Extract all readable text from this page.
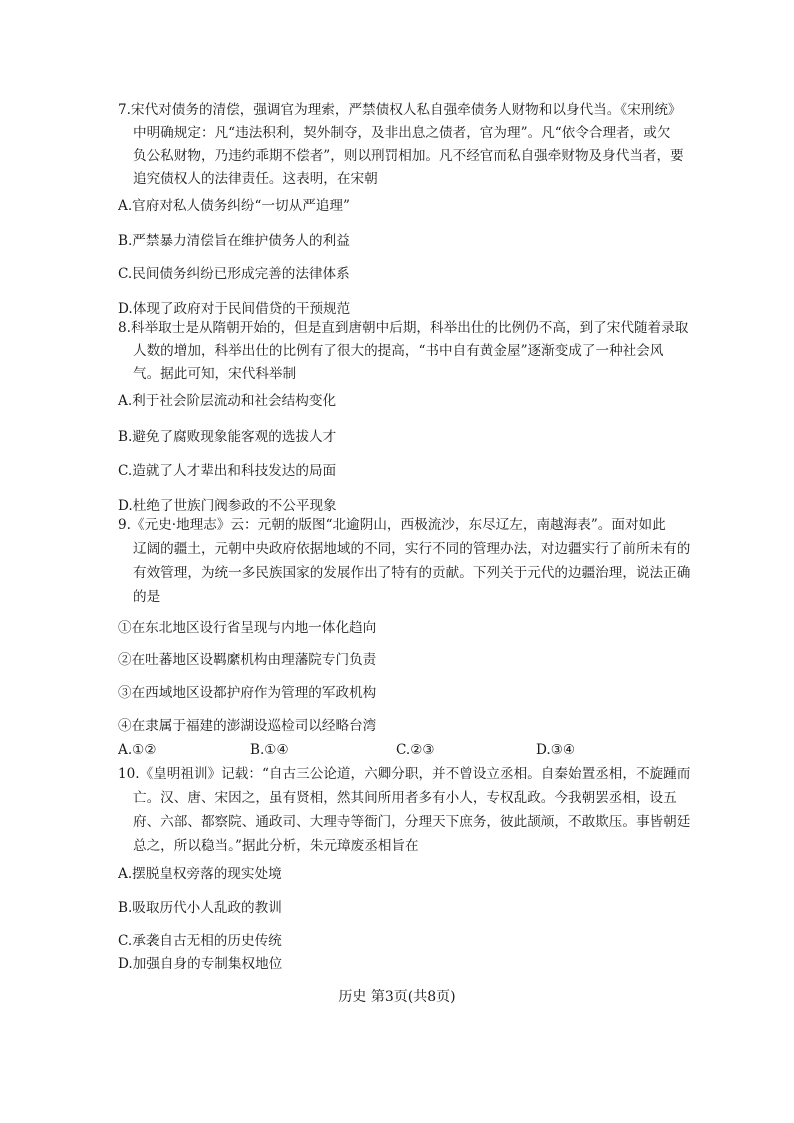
7.宋代对债务的清偿，强调官为理索，严禁债权人私自强牵债务人财物和以身代当。《宋刑统》
中明确规定：凡“违法积利，契外制夺，及非出息之债者，官为理”。凡“依令合理者，或欠
负公私财物，乃违约乖期不偿者”，则以刑罚相加。凡不经官而私自强牵财物及身代当者，要
追究债权人的法律责任。这表明，在宋朝
A.官府对私人债务纠纷“一切从严追理”
B.严禁暴力清偿旨在维护债务人的利益
C.民间债务纠纷已形成完善的法律体系
D.体现了政府对于民间借贷的干预规范
8.科举取士是从隋朝开始的，但是直到唐朝中后期，科举出仕的比例仍不高，到了宋代随着录取
人数的增加，科举出仕的比例有了很大的提高，“书中自有黄金屋”逐渐变成了一种社会风
气。据此可知，宋代科举制
A.利于社会阶层流动和社会结构变化
B.避免了腐败现象能客观的选拔人才
C.造就了人才辈出和科技发达的局面
D.杜绝了世族门阀参政的不公平现象
9.《元史·地理志》云：元朝的版图“北逾阴山，西极流沙，东尽辽左，南越海表”。面对如此
辽阔的疆土，元朝中央政府依据地域的不同，实行不同的管理办法，对边疆实行了前所未有的
有效管理，为统一多民族国家的发展作出了特有的贡献。下列关于元代的边疆治理，说法正确
的是
①在东北地区设行省呈现与内地一体化趋向
②在吐蕃地区设羁縻机构由理藩院专门负责
③在西域地区设都护府作为管理的军政机构
④在隶属于福建的澎湖设巡检司以经略台湾
A.①②	B.①④	C.②③	D.③④
10.《皇明祖训》记载：“自古三公论道，六卿分职，并不曾设立丞相。自秦始置丞相，不旋踵而
亡。汉、唐、宋因之，虽有贤相，然其间所用者多有小人，专权乱政。今我朝罢丞相，设五
府、六部、都察院、通政司、大理寺等衙门，分理天下庶务，彼此颉颃，不敢欺压。事皆朝廷
总之，所以稳当。”据此分析，朱元璋废丞相旨在
A.摆脱皇权旁落的现实处境
B.吸取历代小人乱政的教训
C.承袭自古无相的历史传统
D.加强自身的专制集权地位
历史 第3页(共8页)
